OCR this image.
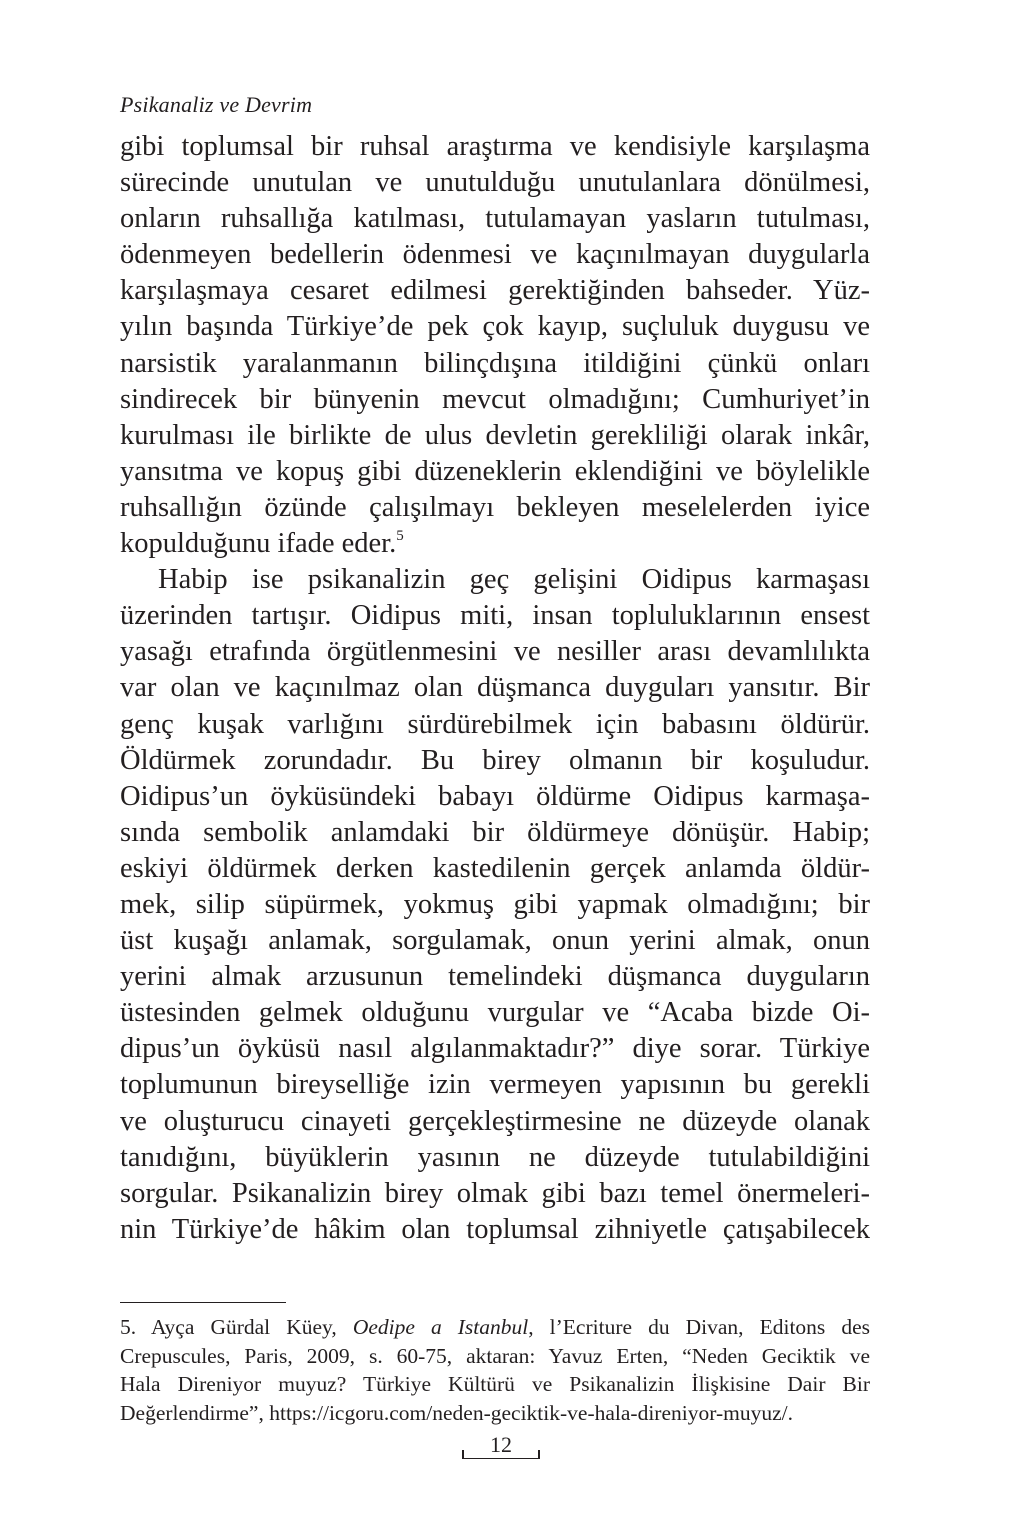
Psikanaliz ve Devrim
gibi toplumsal bir ruhsal araştırma ve kendisiyle karşılaşma
sürecinde unutulan ve unutulduğu unutulanlara dönülmesi,
onların ruhsallığa katılması, tutulamayan yasların tutulması,
ödenmeyen bedellerin ödenmesi ve kaçınılmayan duygularla
karşılaşmaya cesaret edilmesi gerektiğinden bahseder. Yüz-
yılın başında Türkiye’de pek çok kayıp, suçluluk duygusu ve
narsistik yaralanmanın bilinçdışına itildiğini çünkü onları
sindirecek bir bünyenin mevcut olmadığını; Cumhuriyet’in
kurulması ile birlikte de ulus devletin gerekliliği olarak inkâr,
yansıtma ve kopuş gibi düzeneklerin eklendiğini ve böylelikle
ruhsallığın özünde çalışılmayı bekleyen meselelerden iyice
kopulduğunu ifade eder.$^5$
Habip ise psikanalizin geç gelişini Oidipus karmaşası
üzerinden tartışır. Oidipus miti, insan topluluklarının ensest
yasağı etrafında örgütlenmesini ve nesiller arası devamlılıkta
var olan ve kaçınılmaz olan düşmanca duyguları yansıtır. Bir
genç kuşak varlığını sürdürebilmek için babasını öldürür.
Öldürmek zorundadır. Bu birey olmanın bir koşuludur.
Oidipus’un öyküsündeki babayı öldürme Oidipus karmaşa-
sında sembolik anlamdaki bir öldürmeye dönüşür. Habip;
eskiyi öldürmek derken kastedilenin gerçek anlamda öldür-
mek, silip süpürmek, yokmuş gibi yapmak olmadığını; bir
üst kuşağı anlamak, sorgulamak, onun yerini almak, onun
yerini almak arzusunun temelindeki düşmanca duyguların
üstesinden gelmek olduğunu vurgular ve “Acaba bizde Oi-
dipus’un öyküsü nasıl algılanmaktadır?” diye sorar. Türkiye
toplumunun bireyselliğe izin vermeyen yapısının bu gerekli
ve oluşturucu cinayeti gerçekleştirmesine ne düzeyde olanak
tanıdığını, büyüklerin yasının ne düzeyde tutulabildiğini
sorgular. Psikanalizin birey olmak gibi bazı temel önermeleri-
nin Türkiye’de hâkim olan toplumsal zihniyetle çatışabilecek
5. Ayça Gürdal Küey, Oedipe a Istanbul, l’Ecriture du Divan, Editons des
Crepuscules, Paris, 2009, s. 60-75, aktaran: Yavuz Erten, “Neden Geciktik ve
Hala Direniyor muyuz? Türkiye Kültürü ve Psikanalizin İlişkisine Dair Bir
Değerlendirme”, https://icgoru.com/neden-geciktik-ve-hala-direniyor-muyuz/.
12
